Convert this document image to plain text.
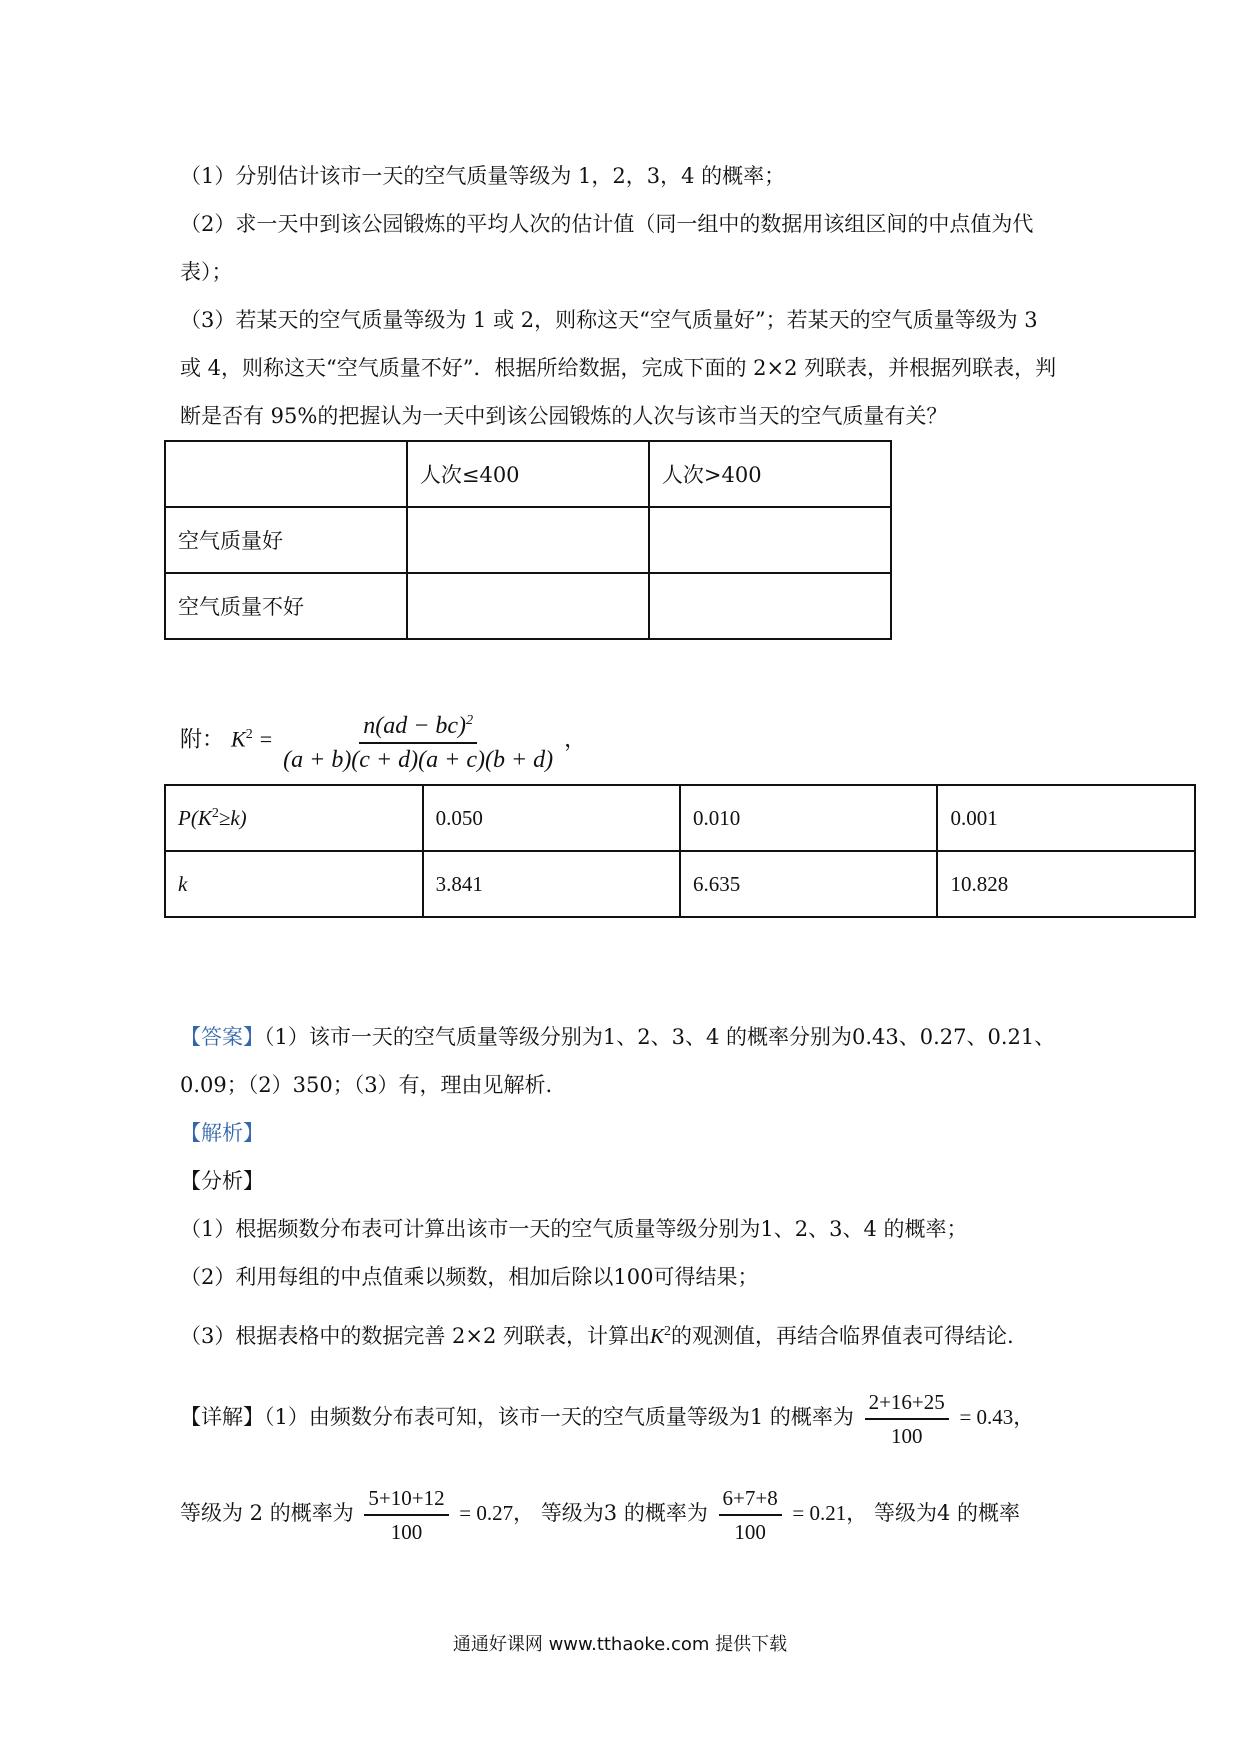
（1）分别估计该市一天的空气质量等级为 1，2，3，4 的概率；
（2）求一天中到该公园锻炼的平均人次的估计值（同一组中的数据用该组区间的中点值为代
表）；
（3）若某天的空气质量等级为 1 或 2，则称这天“空气质量好”；若某天的空气质量等级为 3
或 4，则称这天“空气质量不好”．根据所给数据，完成下面的 2×2 列联表，并根据列联表，判
断是否有 95%的把握认为一天中到该公园锻炼的人次与该市当天的空气质量有关？
	人次≤400	人次>400
空气质量好		
空气质量不好		
附： $K^2 = \frac{n(ad - bc)^2}{(a + b)(c + d)(a + c)(b + d)}$ ，
$P(K^2\ge k)$	0.050	0.010	0.001
k	3.841	6.635	10.828
【答案】（1）该市一天的空气质量等级分别为1、2、3、4 的概率分别为0.43、0.27、0.21、
0.09；（2）350；（3）有，理由见解析.
【解析】
【分析】
（1）根据频数分布表可计算出该市一天的空气质量等级分别为1、2、3、4 的概率；
（2）利用每组的中点值乘以频数，相加后除以100可得结果；
（3）根据表格中的数据完善 2×2 列联表，计算出$K^2$的观测值，再结合临界值表可得结论.
【详解】（1）由频数分布表可知，该市一天的空气质量等级为1 的概率为 $\frac{2+16+25}{100} = 0.43$，
等级为 2 的概率为 $\frac{5+10+12}{100} = 0.27$， 等级为3 的概率为 $\frac{6+7+8}{100} = 0.21$， 等级为4 的概率
通通好课网 www.tthaoke.com 提供下载
